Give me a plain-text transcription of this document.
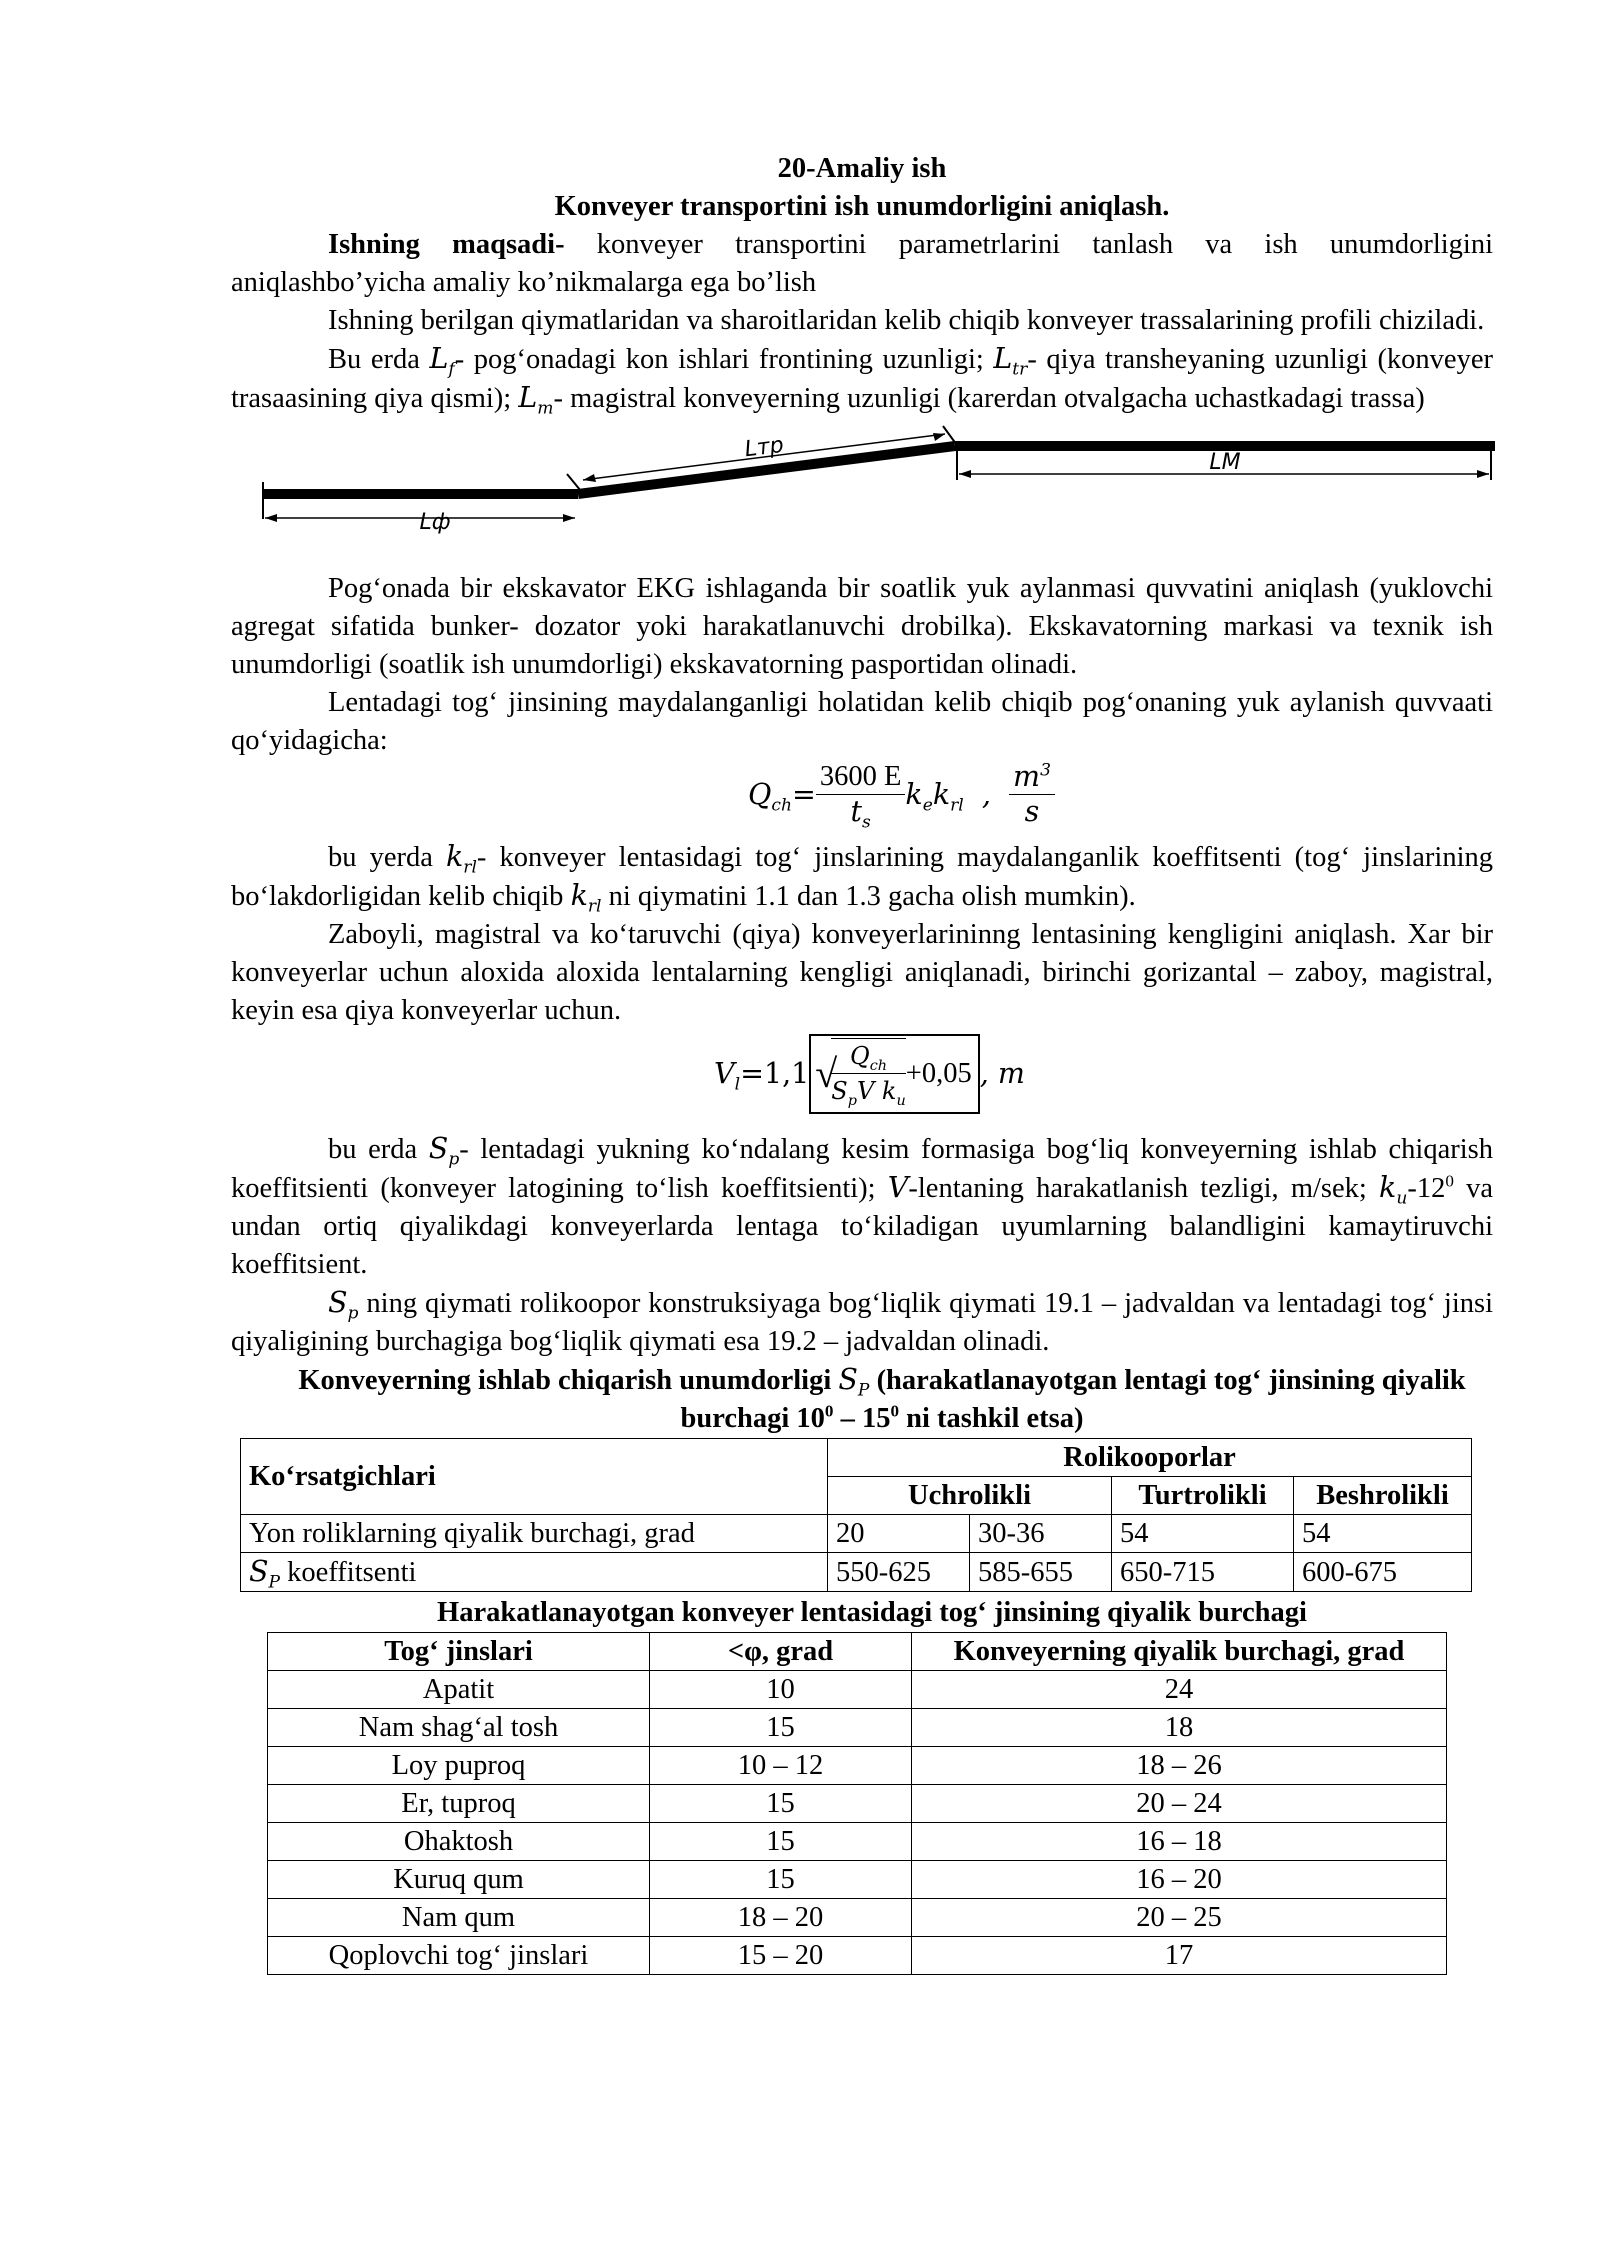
20-Amaliy ish
Konveyer transportini ish unumdorligini aniqlash.

Ishning maqsadi- konveyer transportini parametrlarini tanlash va ish unumdorligini aniqlashbo’yicha amaliy ko’nikmalarga ega bo’lish

Ishning berilgan qiymatlaridan va sharoitlaridan kelib chiqib konveyer trassalarining profili chiziladi.

Bu erda $L_f-$ pog‘onadagi kon ishlari frontining uzunligi; $L_{tr}-$ qiya transheyaning uzunligi (konveyer trasaasining qiya qismi); $L_m-$ magistral konveyerning uzunligi (karerdan otvalgacha uchastkadagi trassa)

Lф
Lтр
LМ

Pog‘onada bir ekskavator EKG ishlaganda bir soatlik yuk aylanmasi quvvatini aniqlash (yuklovchi agregat sifatida bunker- dozator yoki harakatlanuvchi drobilka). Ekskavatorning markasi va texnik ish unumdorligi (soatlik ish unumdorligi) ekskavatorning pasportidan olinadi.

Lentadagi tog‘ jinsining maydalanganligi holatidan kelib chiqib pog‘onaning yuk aylanish quvvaati qo‘yidagicha:

$Q_{ch}= \frac{3600 E}{t_s} k_ek_{rl}$  , $\frac{m^3}{s}$

bu yerda $k_{rl}-$ konveyer lentasidagi tog‘ jinslarining maydalanganlik koeffitsenti (tog‘ jinslarining bo‘lakdorligidan kelib chiqib $k_{rl}$ ni qiymatini 1.1 dan 1.3 gacha olish mumkin).

Zaboyli, magistral va ko‘taruvchi (qiya) konveyerlarininng lentasining kengligini aniqlash. Xar bir konveyerlar uchun aloxida aloxida lentalarning kengligi aniqlanadi, birinchi gorizantal – zaboy, magistral, keyin esa qiya konveyerlar uchun.

$V_l=1,1$ √
$\frac{Q_{ch}}{S_pV k_u} +0,05$ , m

bu erda $S_p-$ lentadagi yukning ko‘ndalang kesim formasiga bog‘liq konveyerning ishlab chiqarish koeffitsienti (konveyer latogining to‘lish koeffitsienti); V-lentaning harakatlanish tezligi, m/sek; $k_u-12^0$ va undan ortiq qiyalikdagi konveyerlarda lentaga to‘kiladigan uyumlarning balandligini kamaytiruvchi koeffitsient.

$S_p$ ning qiymati rolikoopor konstruksiyaga bog‘liqlik qiymati 19.1 – jadvaldan va lentadagi tog‘ jinsi qiyaligining burchagiga bog‘liqlik qiymati esa 19.2 – jadvaldan olinadi.

Konveyerning ishlab chiqarish unumdorligi $S_P$ (harakatlanayotgan lentagi tog‘ jinsining qiyalik burchagi $10^0 - 15^0$ ni tashkil etsa)
Ko‘rsatgichlari	Rolikooporlar			
	Uchrolikli		Turtrolikli	Beshrolikli
Yon roliklarning qiyalik burchagi, grad	20	30-36	54	54
$S_P$ koeffitsenti	550-625	585-655	650-715	600-675
Harakatlanayotgan konveyer lentasidagi tog‘ jinsining qiyalik burchagi
Tog‘ jinslari	<φ, grad	Konveyerning qiyalik burchagi, grad
Apatit	10	24
Nam shag‘al tosh	15	18
Loy puproq	10 – 12	18 – 26
Er, tuproq	15	20 – 24
Ohaktosh	15	16 – 18
Kuruq qum	15	16 – 20
Nam qum	18 – 20	20 – 25
Qoplovchi tog‘ jinslari	15 – 20	17
